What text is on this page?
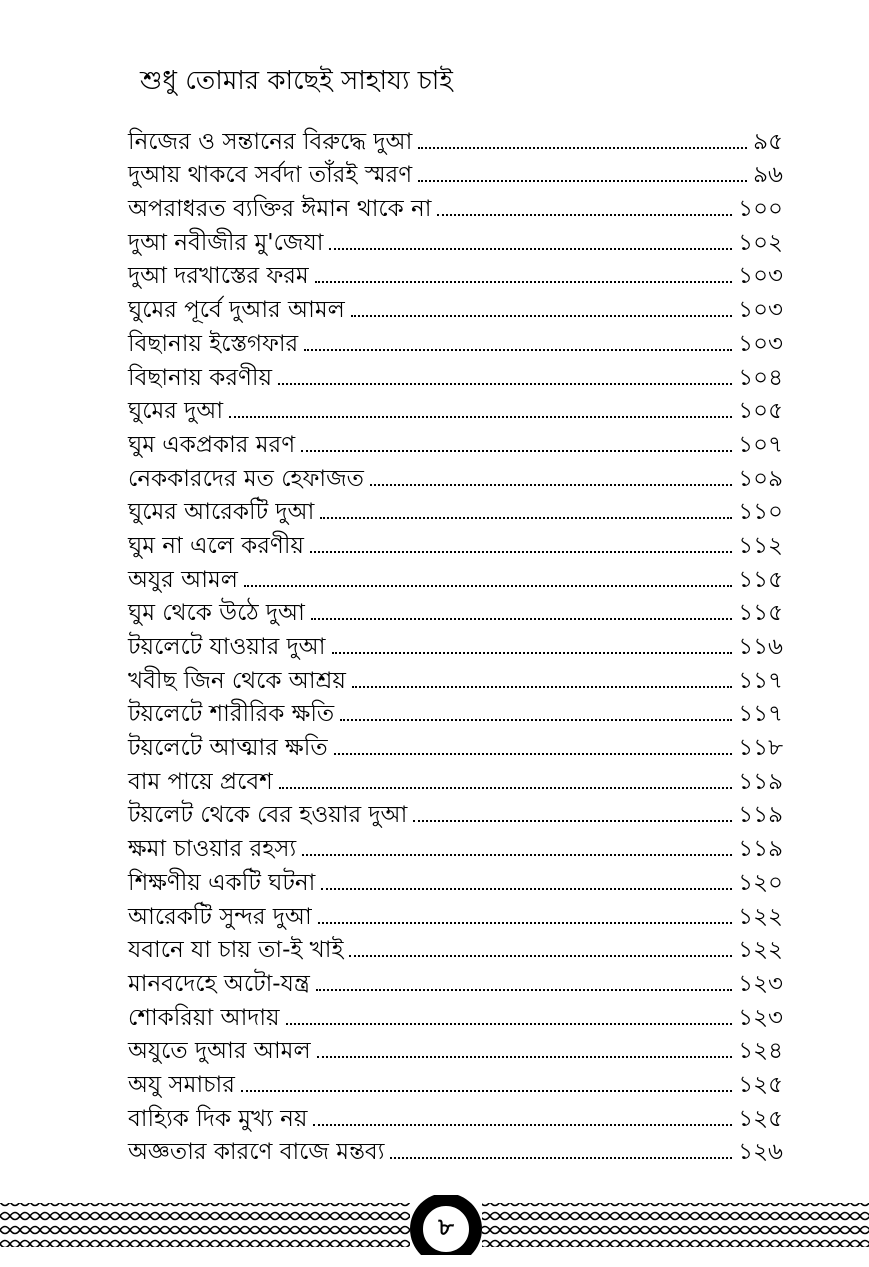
শুধু তোমার কাছেই সাহায্য চাই
নিজের ও সন্তানের বিরুদ্ধে দুআ	৯৫
দুআয় থাকবে সর্বদা তাঁরই স্মরণ	৯৬
অপরাধরত ব্যক্তির ঈমান থাকে না	১০০
দুআ নবীজীর মু'জেযা	১০২
দুআ দরখাস্তের ফরম	১০৩
ঘুমের পূর্বে দুআর আমল	১০৩
বিছানায় ইস্তেগফার	১০৩
বিছানায় করণীয়	১০৪
ঘুমের দুআ	১০৫
ঘুম একপ্রকার মরণ	১০৭
নেককারদের মত হেফাজত	১০৯
ঘুমের আরেকটি দুআ	১১০
ঘুম না এলে করণীয়	১১২
অযুর আমল	১১৫
ঘুম থেকে উঠে দুআ	১১৫
টয়লেটে যাওয়ার দুআ	১১৬
খবীছ জিন থেকে আশ্রয়	১১৭
টয়লেটে শারীরিক ক্ষতি	১১৭
টয়লেটে আত্মার ক্ষতি	১১৮
বাম পায়ে প্রবেশ	১১৯
টয়লেট থেকে বের হওয়ার দুআ	১১৯
ক্ষমা চাওয়ার রহস্য	১১৯
শিক্ষণীয় একটি ঘটনা	১২০
আরেকটি সুন্দর দুআ	১২২
যবানে যা চায় তা-ই খাই	১২২
মানবদেহে অটো-যন্ত্র	১২৩
শোকরিয়া আদায়	১২৩
অযুতে দুআর আমল	১২৪
অযু সমাচার	১২৫
বাহ্যিক দিক মুখ্য নয়	১২৫
অজ্ঞতার কারণে বাজে মন্তব্য	১২৬
৮
